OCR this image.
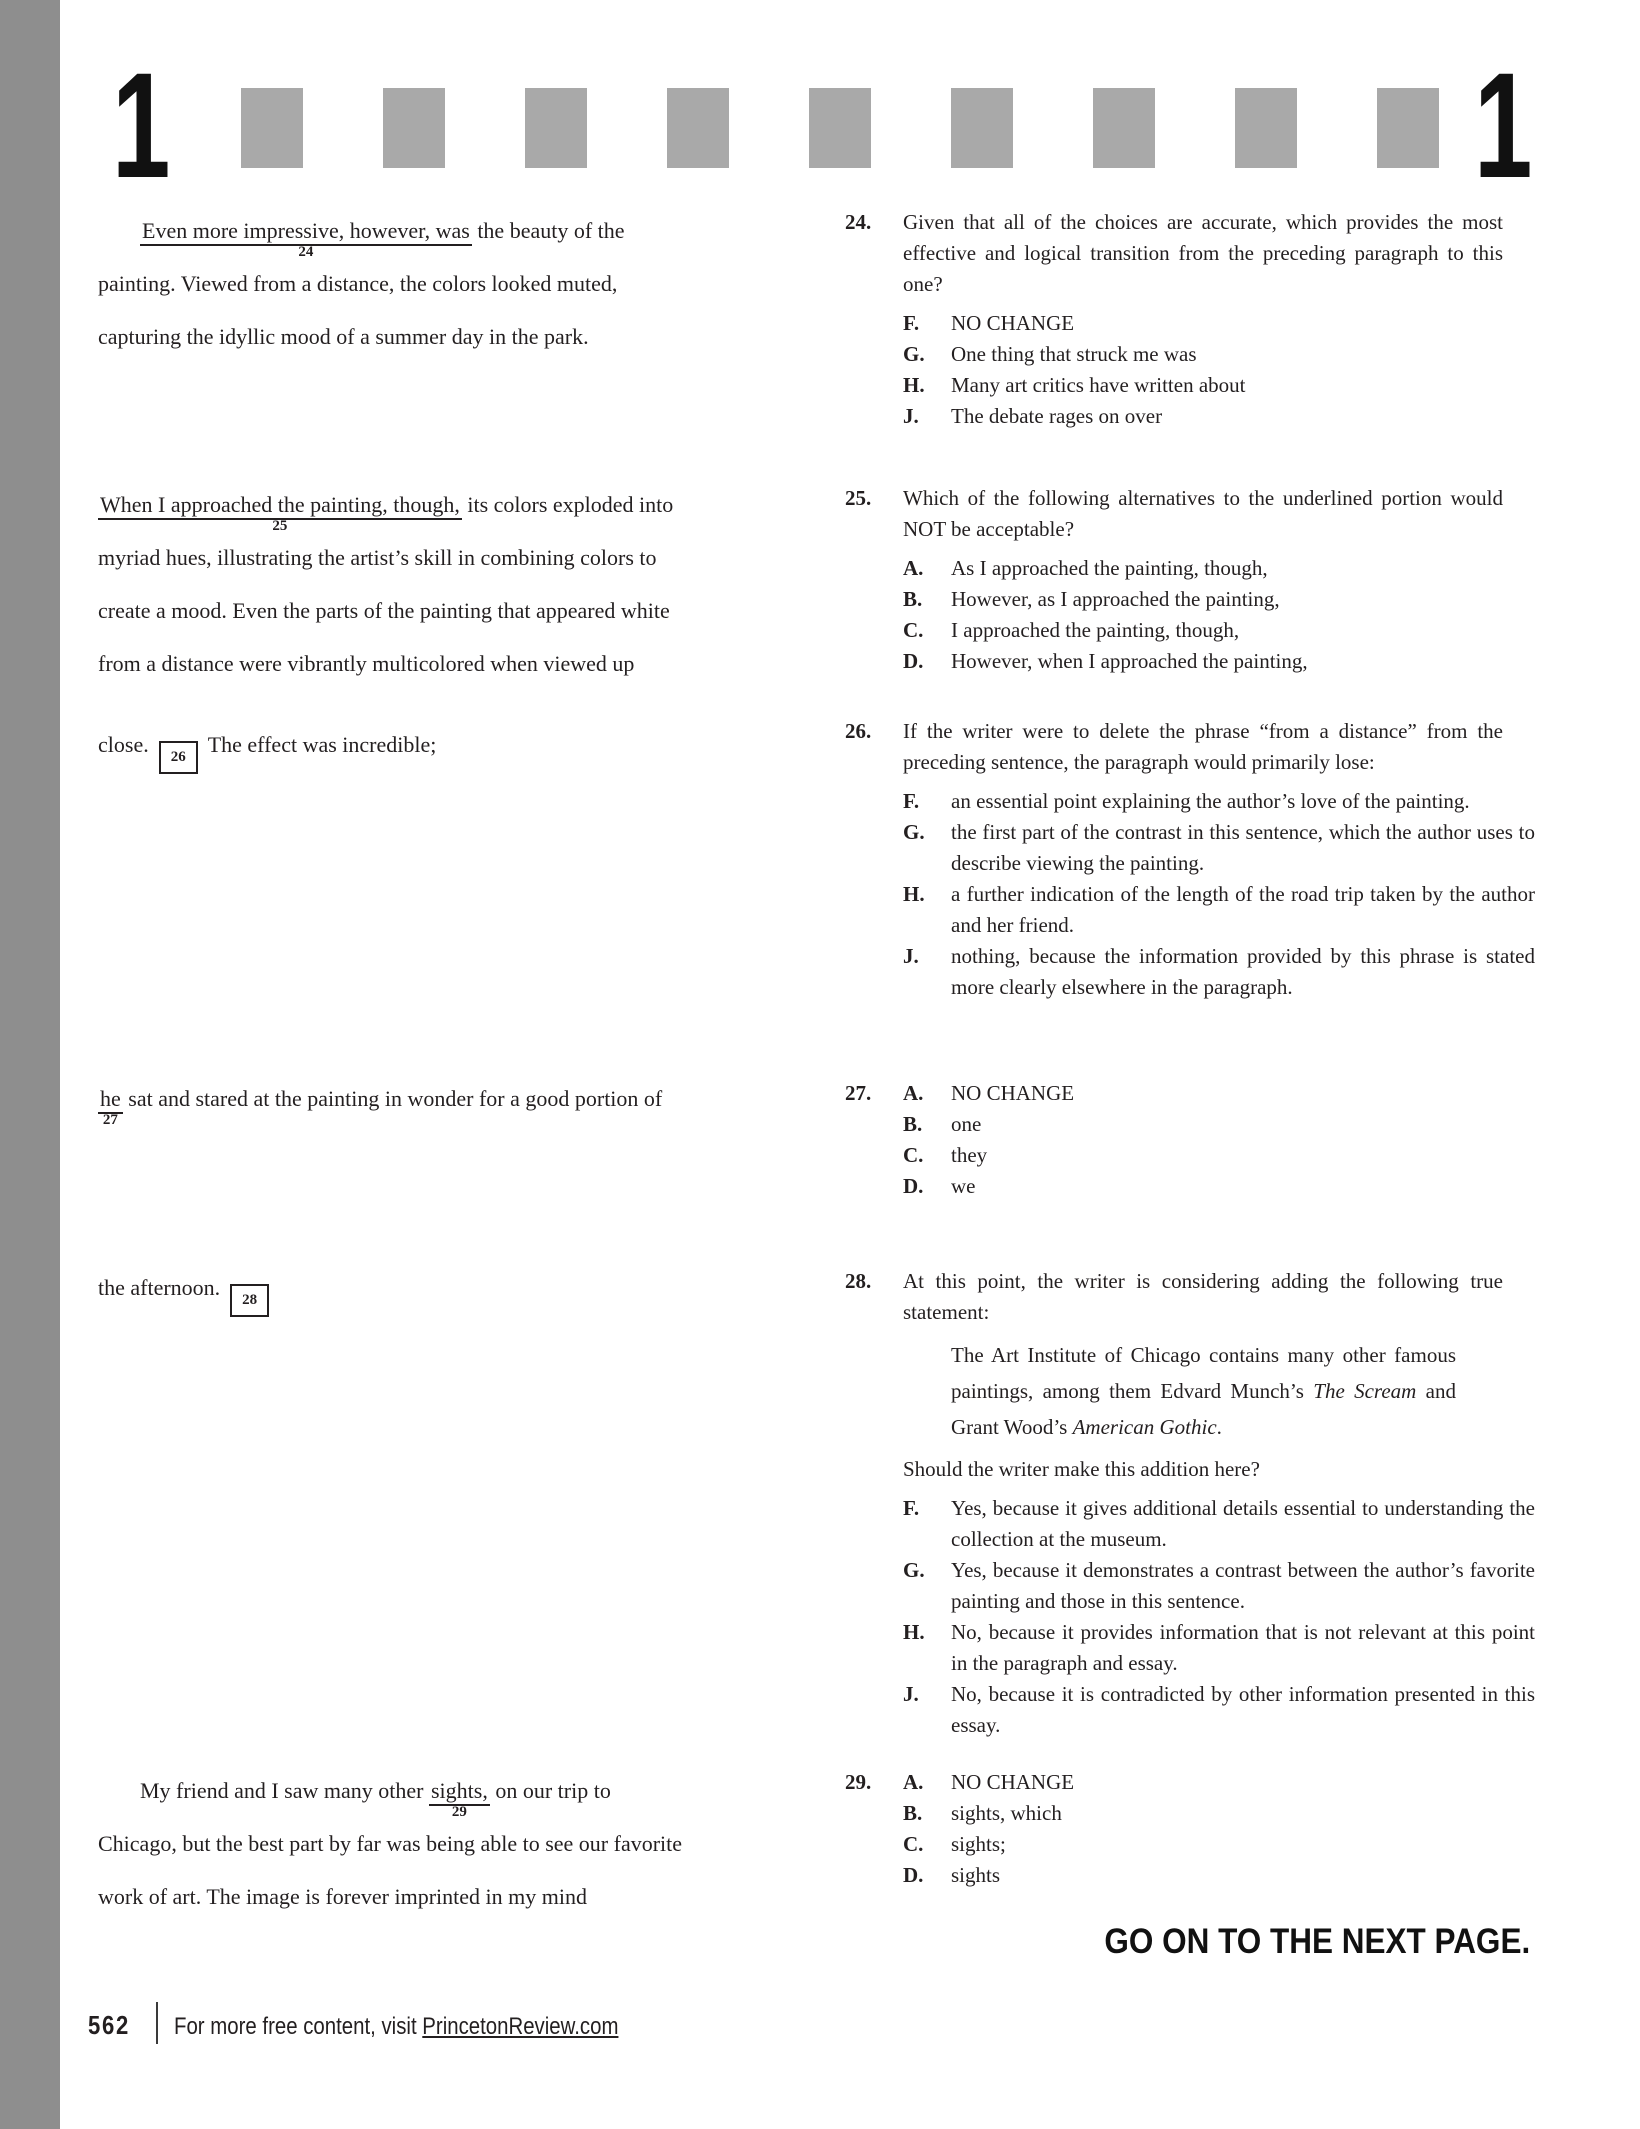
1	1
Even more impressive, however, was
24
the beauty of the
painting. Viewed from a distance, the colors looked muted,
capturing the idyllic mood of a summer day in the park.
When I approached the painting, though,
25
its colors exploded into
myriad hues, illustrating the artist’s skill in combining colors to
create a mood. Even the parts of the painting that appeared white
from a distance were vibrantly multicolored when viewed up
close. 26 The effect was incredible;
he
27
sat and stared at the painting in wonder for a good portion of
the afternoon. 28
My friend and I saw many other sights,
29
on our trip to
Chicago, but the best part by far was being able to see our favorite
work of art. The image is forever imprinted in my mind
24.	Given that all of the choices are accurate, which provides the most effective and logical transition from the preceding paragraph to this one?

F.	NO CHANGE
G.	One thing that struck me was
H.	Many art critics have written about
J.	The debate rages on over
25.	Which of the following alternatives to the underlined portion would NOT be acceptable?

A.	As I approached the painting, though,
B.	However, as I approached the painting,
C.	I approached the painting, though,
D.	However, when I approached the painting,
26.	If the writer were to delete the phrase “from a distance” from the preceding sentence, the paragraph would primarily lose:

F.	an essential point explaining the author’s love of the painting.
G.	the first part of the contrast in this sentence, which the author uses to describe viewing the painting.
H.	a further indication of the length of the road trip taken by the author and her friend.
J.	nothing, because the information provided by this phrase is stated more clearly elsewhere in the paragraph.
27.	A.	NO CHANGE
B.	one
C.	they
D.	we
28.	At this point, the writer is considering adding the following true statement:

The Art Institute of Chicago contains many other famous paintings, among them Edvard Munch’s The Scream and Grant Wood’s American Gothic.

Should the writer make this addition here?

F.	Yes, because it gives additional details essential to understanding the collection at the museum.
G.	Yes, because it demonstrates a contrast between the author’s favorite painting and those in this sentence.
H.	No, because it provides information that is not relevant at this point in the paragraph and essay.
J.	No, because it is contradicted by other information presented in this essay.
29.	A.	NO CHANGE
B.	sights, which
C.	sights;
D.	sights
GO ON TO THE NEXT PAGE.
562 For more free content, visit PrincetonReview.com
